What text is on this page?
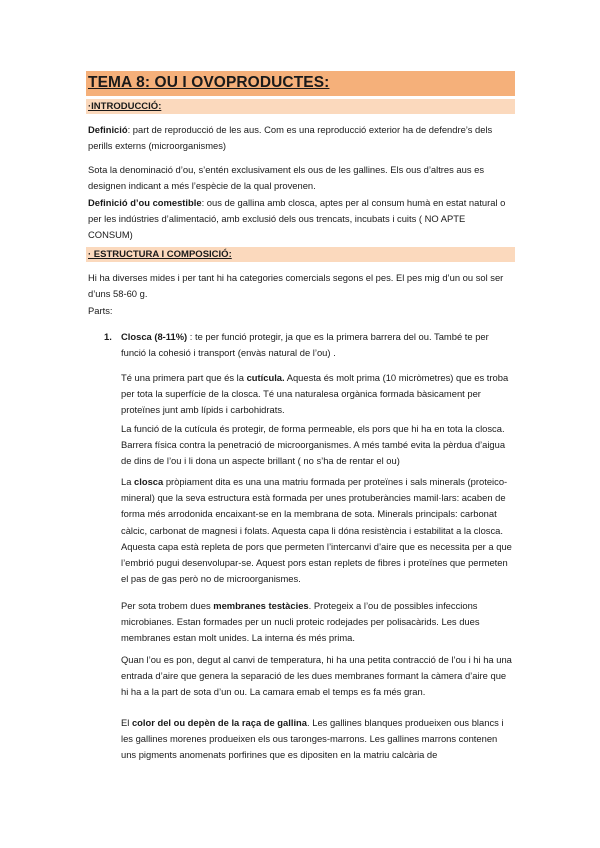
TEMA 8: OU I OVOPRODUCTES:
·INTRODUCCIÓ:
Definició: part de reproducció de les aus. Com es una reproducció exterior ha de defendre’s dels perills externs (microorganismes)
Sota la denominació d’ou, s’entén exclusivament els ous de les gallines. Els ous d’altres aus es designen indicant a més l’espècie de la qual provenen.
Definició d’ou comestible: ous de gallina amb closca, aptes per al consum humà en estat natural o per les indústries d’alimentació, amb exclusió dels ous trencats, incubats i cuits ( NO APTE CONSUM)
· ESTRUCTURA I COMPOSICIÓ:
Hi ha diverses mides i per tant hi ha categories comercials segons el pes. El pes mig d’un ou sol ser d’uns 58-60 g.
Parts:
1. Closca (8-11%) : te per funció protegir, ja que es la primera barrera del ou. També te per funció la cohesió i transport (envàs natural de l’ou) .
Té una primera part que és la cutícula. Aquesta és molt prima (10 micròmetres) que es troba per tota la superfície de la closca. Té una naturalesa orgànica formada bàsicament per proteïnes junt amb lípids i carbohidrats.
La funció de la cutícula és protegir, de forma permeable, els pors que hi ha en tota la closca. Barrera física contra la penetració de microorganismes. A més també evita la pèrdua d’aigua de dins de l’ou i li dona un aspecte brillant ( no s’ha de rentar el ou)
La closca pròpiament dita es una una matriu formada per proteïnes i sals minerals (proteico-mineral) que la seva estructura està formada per unes protuberàncies mamil·lars: acaben de forma més arrodonida encaixant-se en la membrana de sota. Minerals principals: carbonat càlcic, carbonat de magnesi i folats. Aquesta capa li dóna resistència i estabilitat a la closca. Aquesta capa està repleta de pors que permeten l’intercanvi d’aire que es necessita per a que l’embrió pugui desenvolupar-se. Aquest pors estan replets de fibres i proteïnes que permeten el pas de gas però no de microorganismes.
Per sota trobem dues membranes testàcies. Protegeix a l’ou de possibles infeccions microbianes. Estan formades per un nucli proteic rodejades per polisacàrids. Les dues membranes estan molt unides. La interna és més prima.
Quan l’ou es pon, degut al canvi de temperatura, hi ha una petita contracció de l’ou i hi ha una entrada d’aire que genera la separació de les dues membranes formant la càmera d’aire que hi ha a la part de sota d’un ou. La camara emab el temps es fa més gran.
El color del ou depèn de la raça de gallina. Les gallines blanques produeixen ous blancs i les gallines morenes produeixen els ous taronges-marrons. Les gallines marrons contenen uns pigments anomenats porfirines que es dipositen en la matriu calcària de
